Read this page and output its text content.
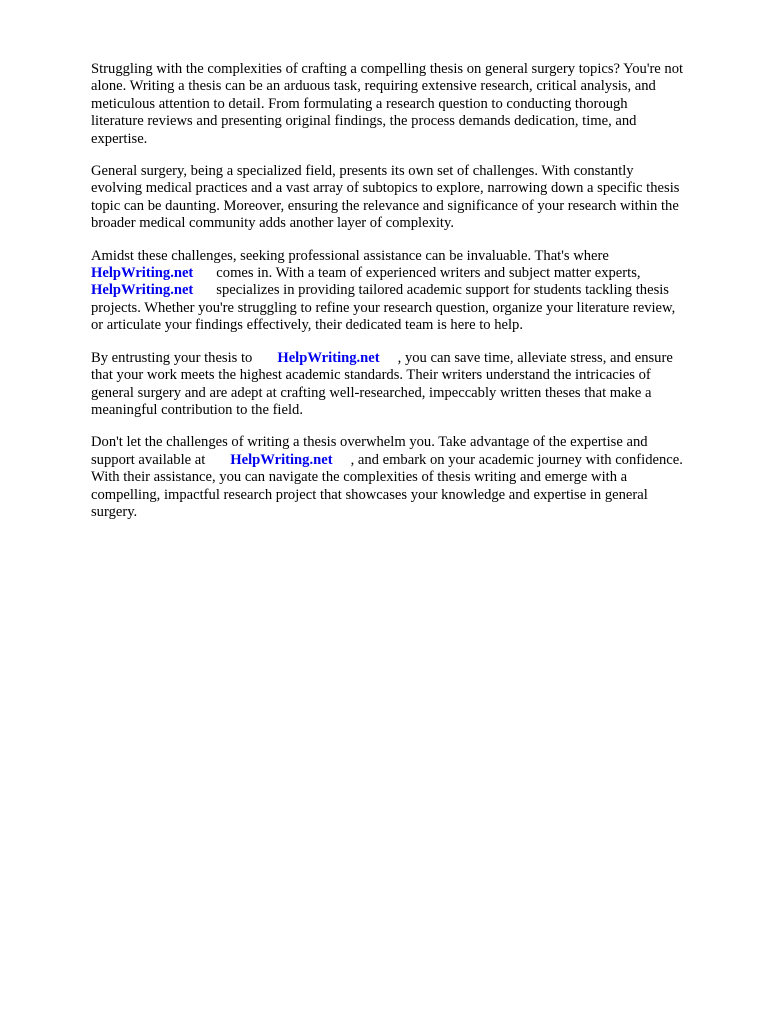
Struggling with the complexities of crafting a compelling thesis on general surgery topics? You're not
alone. Writing a thesis can be an arduous task, requiring extensive research, critical analysis, and
meticulous attention to detail. From formulating a research question to conducting thorough
literature reviews and presenting original findings, the process demands dedication, time, and
expertise.

General surgery, being a specialized field, presents its own set of challenges. With constantly
evolving medical practices and a vast array of subtopics to explore, narrowing down a specific thesis
topic can be daunting. Moreover, ensuring the relevance and significance of your research within the
broader medical community adds another layer of complexity.

Amidst these challenges, seeking professional assistance can be invaluable. That's where
HelpWriting.net comes in. With a team of experienced writers and subject matter experts,
HelpWriting.net specializes in providing tailored academic support for students tackling thesis
projects. Whether you're struggling to refine your research question, organize your literature review,
or articulate your findings effectively, their dedicated team is here to help.

By entrusting your thesis to HelpWriting.net , you can save time, alleviate stress, and ensure
that your work meets the highest academic standards. Their writers understand the intricacies of
general surgery and are adept at crafting well-researched, impeccably written theses that make a
meaningful contribution to the field.

Don't let the challenges of writing a thesis overwhelm you. Take advantage of the expertise and
support available at HelpWriting.net , and embark on your academic journey with confidence.
With their assistance, you can navigate the complexities of thesis writing and emerge with a
compelling, impactful research project that showcases your knowledge and expertise in general
surgery.
